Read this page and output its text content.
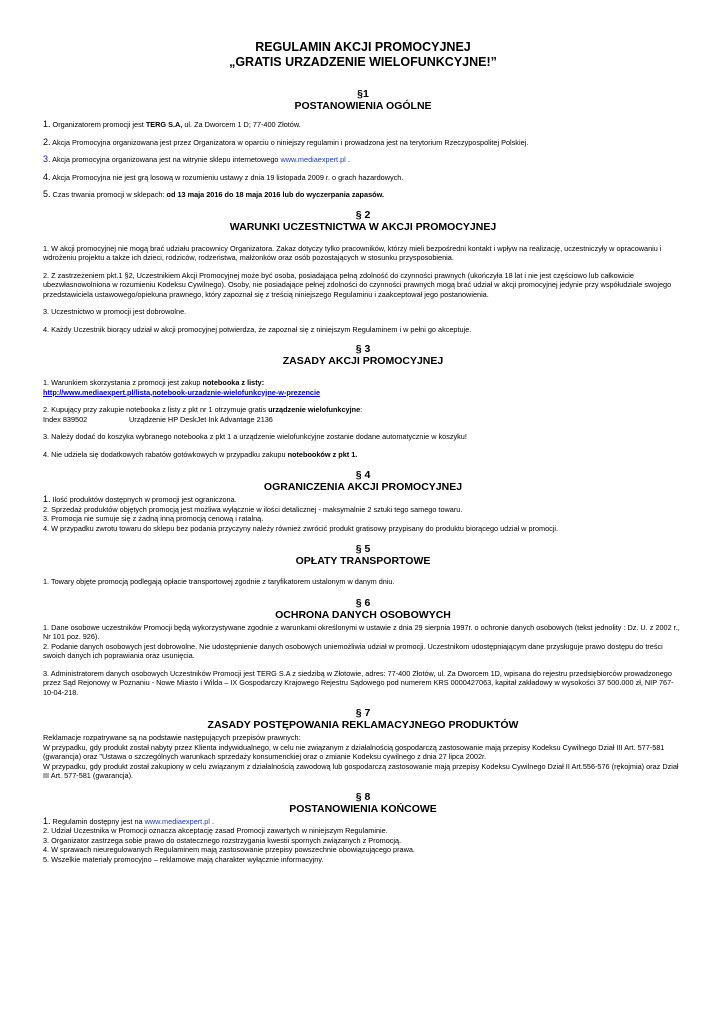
REGULAMIN AKCJI PROMOCYJNEJ

„GRATIS URZADZENIE WIELOFUNKCYJNE!”

§1
POSTANOWIENIA OGÓLNE

1. Organizatorem promocji jest TERG S.A, ul. Za Dworcem 1 D; 77-400 Złotów.

2. Akcja Promocyjna organizowana jest przez Organizatora w oparciu o niniejszy regulamin i prowadzona jest na terytorium Rzeczypospolitej Polskiej.

3. Akcja promocyjna organizowana jest na witrynie sklepu internetowego www.mediaexpert.pl .

4. Akcja Promocyjna nie jest grą losową w rozumieniu ustawy z dnia 19 listopada 2009 r. o grach hazardowych.

5. Czas trwania promocji w sklepach: od 13 maja 2016 do 18 maja 2016 lub do wyczerpania zapasów.

§ 2
WARUNKI UCZESTNICTWA W AKCJI PROMOCYJNEJ

1. W akcji promocyjnej nie mogą brać udziału pracownicy Organizatora. Zakaz dotyczy tylko pracowników, którzy mieli bezpośredni kontakt i wpływ na realizację, uczestniczyły w opracowaniu i wdrożeniu projektu a także ich dzieci, rodziców, rodzeństwa, małżonków oraz osób pozostających w stosunku przysposobienia.

2. Z zastrzeżeniem pkt.1 §2, Uczestnikiem Akcji Promocyjnej może być osoba, posiadająca pełną zdolność do czynności prawnych (ukończyła 18 lat i nie jest częściowo lub całkowicie ubezwłasnowolniona w rozumieniu Kodeksu Cywilnego). Osoby, nie posiadające pełnej zdolności do czynności prawnych mogą brać udział w akcji promocyjnej jedynie przy współudziale swojego przedstawiciela ustawowego/opiekuna prawnego, który zapoznał się z treścią niniejszego Regulaminu i zaakceptował jego postanowienia.

3. Uczestnictwo w promocji jest dobrowolne.

4. Każdy Uczestnik biorący udział w akcji promocyjnej potwierdza, że zapoznał się z niniejszym Regulaminem i w pełni go akceptuje.

§ 3
ZASADY AKCJI PROMOCYJNEJ

1. Warunkiem skorzystania z promocji jest zakup notebooka z listy:

http://www.mediaexpert.pl/lista,notebook-urzadznie-wielofunkcyjne-w-prezencie

2. Kupujący przy zakupie notebooka z listy z pkt nr 1 otrzymuje gratis urządzenie wielofunkcyjne:

Index 839502	Urządzenie HP DeskJet Ink Advantage 2136

3. Należy dodać do koszyka wybranego notebooka z pkt 1 a urządzenie wielofunkcyjne zostanie dodane automatycznie w koszyku!

4. Nie udziela się dodatkowych rabatów gotówkowych w przypadku zakupu notebooków z pkt 1.

§ 4
OGRANICZENIA AKCJI PROMOCYJNEJ

1. Ilość produktów dostępnych w promocji jest ograniczona.

2. Sprzedaż produktów objętych promocją jest możliwa wyłącznie w ilości detalicznej - maksymalnie 2 sztuki tego samego towaru.

3. Promocja nie sumuje się z żadną inną promocją cenową i ratalną.

4. W przypadku zwrotu towaru do sklepu bez podania przyczyny należy również zwrócić produkt gratisowy przypisany do produktu biorącego udział w promocji.

§ 5
OPŁATY TRANSPORTOWE

1. Towary objęte promocją podlegają opłacie transportowej zgodnie z taryfikatorem ustalonym w danym dniu.

§ 6
OCHRONA DANYCH OSOBOWYCH

1. Dane osobowe uczestników Promocji będą wykorzystywane zgodnie z warunkami określonymi w ustawie z dnia 29 sierpnia 1997r. o ochronie danych osobowych (tekst jednolity : Dz. U. z 2002 r., Nr 101 poz. 926).

2. Podanie danych osobowych jest dobrowolne. Nie udostępnienie danych osobowych uniemożliwia udział w promocji. Uczestnikom udostępniającym dane przysługuje prawo dostępu do treści swoich danych ich poprawiania oraz usunięcia.

3. Administratorem danych osobowych Uczestników Promocji jest TERG S.A z siedzibą w Złotowie, adres: 77-400 Złotów, ul. Za Dworcem 1D, wpisana do rejestru przedsiębiorców prowadzonego przez Sąd Rejonowy w Poznaniu - Nowe Miasto i Wilda – IX Gospodarczy Krajowego Rejestru Sądowego pod numerem KRS 0000427063, kapitał zakładowy w wysokości 37 500.000 zł, NIP 767-10-04-218.

§ 7
ZASADY POSTĘPOWANIA REKLAMACYJNEGO PRODUKTÓW

Reklamacje rozpatrywane są na podstawie następujących przepisów prawnych:

W przypadku, gdy produkt został nabyty przez Klienta indywidualnego, w celu nie związanym z działalnością gospodarczą zastosowanie mają przepisy Kodeksu Cywilnego Dział III Art. 577-581 (gwarancja) oraz "Ustawa o szczególnych warunkach sprzedaży konsumenckiej oraz o zmianie Kodeksu cywilnego z dnia 27 lipca 2002r.

W przypadku, gdy produkt został zakupiony w celu związanym z działalnością zawodową lub gospodarczą zastosowanie mają przepisy Kodeksu Cywilnego Dział II Art.556-576 (rękojmia) oraz Dział III Art. 577-581 (gwarancja).

§ 8
POSTANOWIENIA KOŃCOWE

1. Regulamin dostępny jest na www.mediaexpert.pl .

2. Udział Uczestnika w Promocji oznacza akceptację zasad Promocji zawartych w niniejszym Regulaminie.

3. Organizator zastrzega sobie prawo do ostatecznego rozstrzygania kwestii spornych związanych z Promocją.

4. W sprawach nieuregulowanych Regulaminem mają zastosowanie przepisy powszechnie obowiązującego prawa.

5. Wszelkie materiały promocyjno – reklamowe mają charakter wyłącznie informacyjny.
